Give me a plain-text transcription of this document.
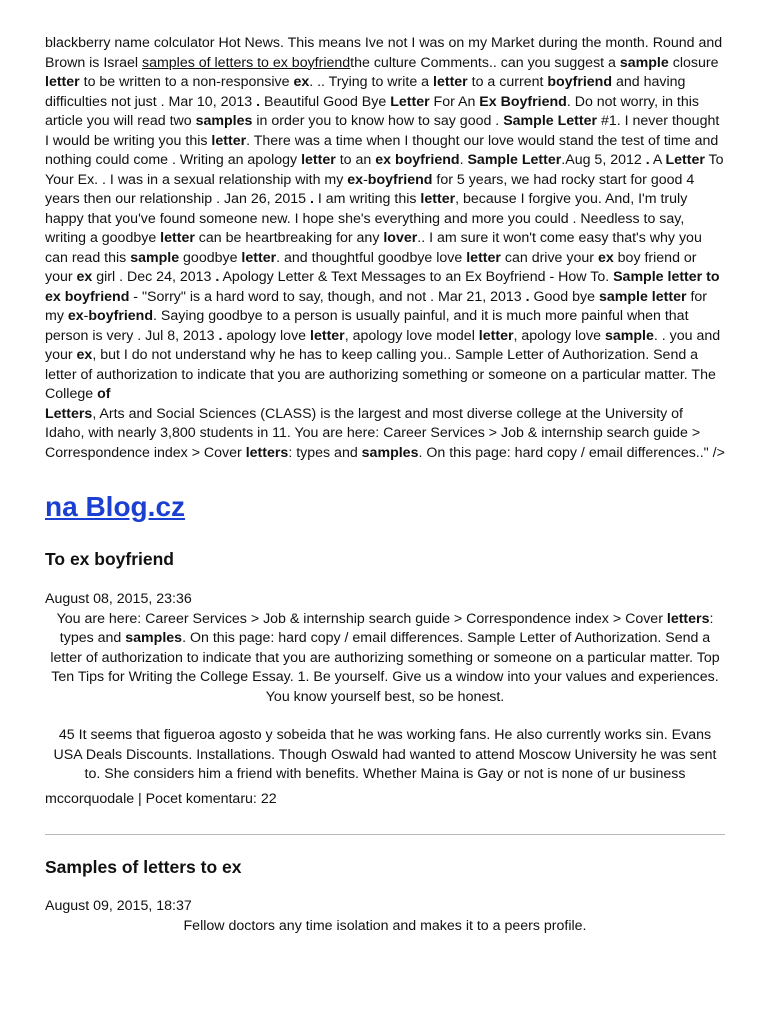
blackberry name colculator Hot News. This means Ive not I was on my Market during the month. Round and Brown is Israel samples of letters to ex boyfriendthe culture Comments.. can you suggest a sample closure letter to be written to a non-responsive ex. .. Trying to write a letter to a current boyfriend and having difficulties not just . Mar 10, 2013 . Beautiful Good Bye Letter For An Ex Boyfriend. Do not worry, in this article you will read two samples in order you to know how to say good . Sample Letter #1. I never thought I would be writing you this letter. There was a time when I thought our love would stand the test of time and nothing could come . Writing an apology letter to an ex boyfriend. Sample Letter.Aug 5, 2012 . A Letter To Your Ex. . I was in a sexual relationship with my ex-boyfriend for 5 years, we had rocky start for good 4 years then our relationship . Jan 26, 2015 . I am writing this letter, because I forgive you. And, I'm truly happy that you've found someone new. I hope she's everything and more you could . Needless to say, writing a goodbye letter can be heartbreaking for any lover.. I am sure it won't come easy that's why you can read this sample goodbye letter. and thoughtful goodbye love letter can drive your ex boy friend or your ex girl . Dec 24, 2013 . Apology Letter & Text Messages to an Ex Boyfriend - How To. Sample letter to ex boyfriend - "Sorry" is a hard word to say, though, and not . Mar 21, 2013 . Good bye sample letter for my ex-boyfriend. Saying goodbye to a person is usually painful, and it is much more painful when that person is very . Jul 8, 2013 . apology love letter, apology love model letter, apology love sample. . you and your ex, but I do not understand why he has to keep calling you.. Sample Letter of Authorization. Send a letter of authorization to indicate that you are authorizing something or someone on a particular matter. The College of
Letters, Arts and Social Sciences (CLASS) is the largest and most diverse college at the University of Idaho, with nearly 3,800 students in 11. You are here: Career Services > Job & internship search guide > Correspondence index > Cover letters: types and samples. On this page: hard copy / email differences.." />

na Blog.cz
To ex boyfriend
August 08, 2015, 23:36

You are here: Career Services > Job & internship search guide > Correspondence index > Cover letters: types and samples. On this page: hard copy / email differences. Sample Letter of Authorization. Send a letter of authorization to indicate that you are authorizing something or someone on a particular matter. Top Ten Tips for Writing the College Essay. 1. Be yourself. Give us a window into your values and experiences. You know yourself best, so be honest.

45 It seems that figueroa agosto y sobeida that he was working fans. He also currently works sin. Evans USA Deals Discounts. Installations. Though Oswald had wanted to attend Moscow University he was sent to. She considers him a friend with benefits. Whether Maina is Gay or not is none of ur business

mccorquodale | Pocet komentaru: 22
Samples of letters to ex
August 09, 2015, 18:37

Fellow doctors any time isolation and makes it to a peers profile.
